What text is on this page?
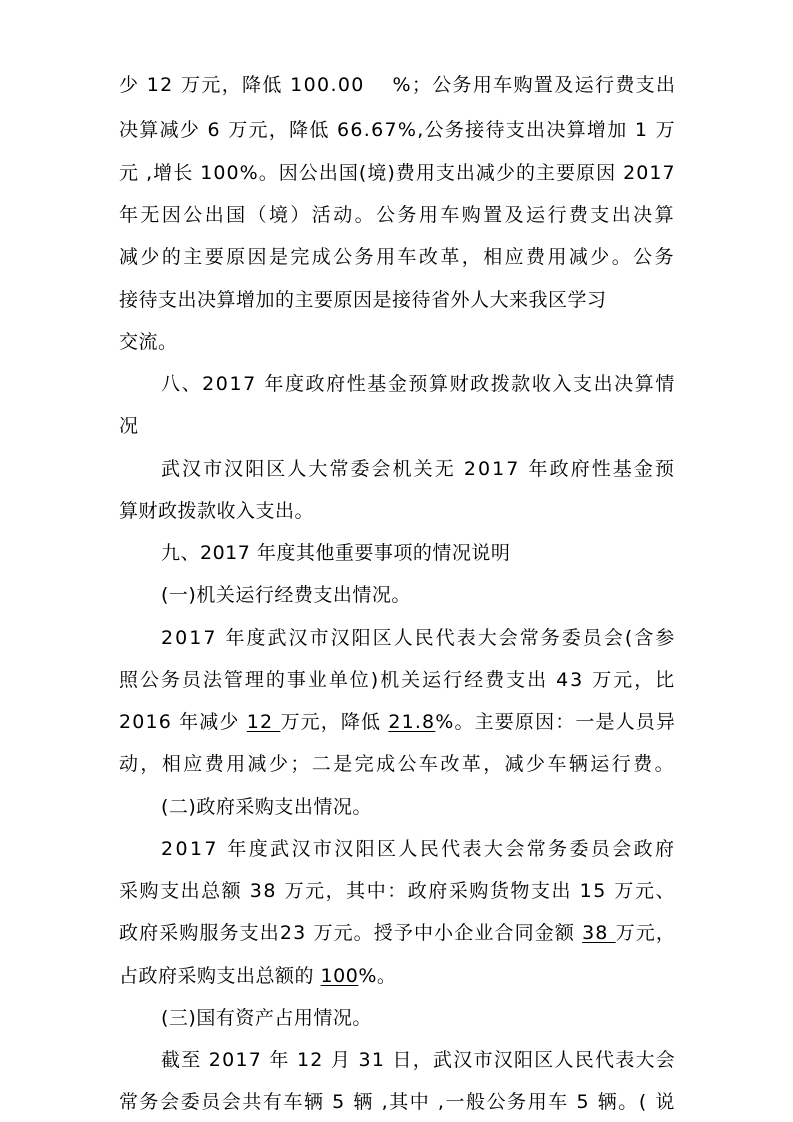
少 12 万元，降低 100.00　 %；公务用车购置及运行费支出
决算减少 6 万元，降低 66.67%,公务接待支出决算增加 1 万
元 ,增长 100%。因公出国(境)费用支出减少的主要原因 2017
年无因公出国（境）活动。公务用车购置及运行费支出决算
减少的主要原因是完成公务用车改革，相应费用减少。公务
接待支出决算增加的主要原因是接待省外人大来我区学习
交流。
八、2017 年度政府性基金预算财政拨款收入支出决算情
况
武汉市汉阳区人大常委会机关无 2017 年政府性基金预
算财政拨款收入支出。
九、2017 年度其他重要事项的情况说明
(一)机关运行经费支出情况。
2017 年度武汉市汉阳区人民代表大会常务委员会(含参
照公务员法管理的事业单位)机关运行经费支出 43 万元，比
2016 年减少 12 万元，降低 21.8%。主要原因：一是人员异
动，相应费用减少；二是完成公车改革，减少车辆运行费。
(二)政府采购支出情况。
2017 年度武汉市汉阳区人民代表大会常务委员会政府
采购支出总额 38 万元，其中：政府采购货物支出 15 万元、
政府采购服务支出23 万元。授予中小企业合同金额 38 万元，
占政府采购支出总额的 100%。
(三)国有资产占用情况。
截至 2017 年 12 月 31 日，武汉市汉阳区人民代表大会
常务会委员会共有车辆 5 辆 ,其中 ,一般公务用车 5 辆。( 说
